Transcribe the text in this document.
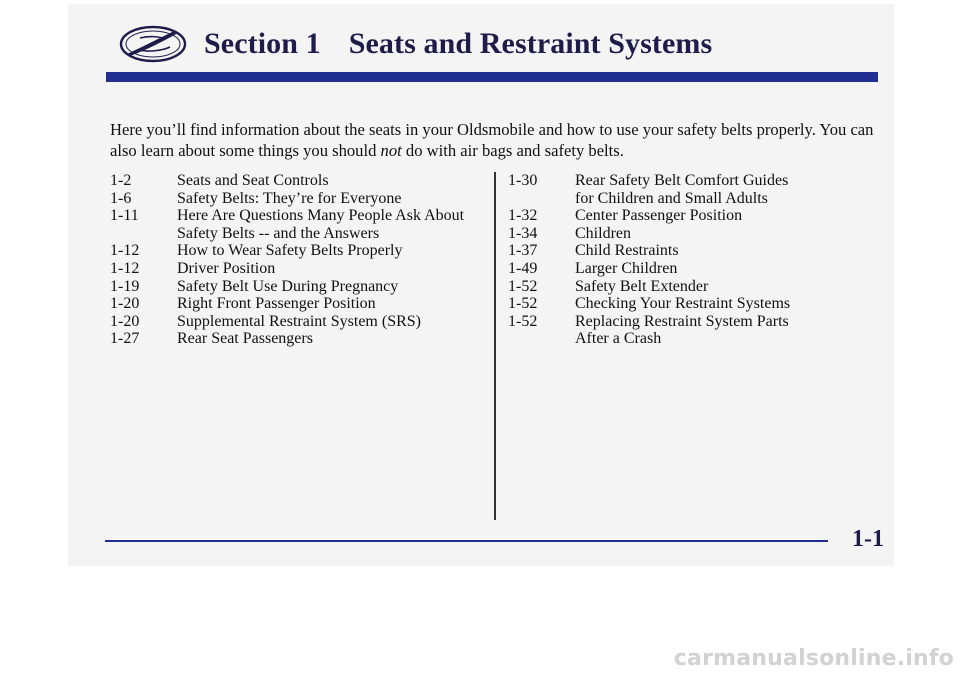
Section 1 Seats and Restraint Systems

Here you’ll find information about the seats in your Oldsmobile and how to use your safety belts properly. You can also learn about some things you should not do with air bags and safety belts.

1-2	Seats and Seat Controls
1-6	Safety Belts: They’re for Everyone
1-11	Here Are Questions Many People Ask About
Safety Belts -- and the Answers
1-12	How to Wear Safety Belts Properly
1-12	Driver Position
1-19	Safety Belt Use During Pregnancy
1-20	Right Front Passenger Position
1-20	Supplemental Restraint System (SRS)
1-27	Rear Seat Passengers
1-30	Rear Safety Belt Comfort Guides
for Children and Small Adults
1-32	Center Passenger Position
1-34	Children
1-37	Child Restraints
1-49	Larger Children
1-52	Safety Belt Extender
1-52	Checking Your Restraint Systems
1-52	Replacing Restraint System Parts
After a Crash
1-1
carmanualsonline.info
